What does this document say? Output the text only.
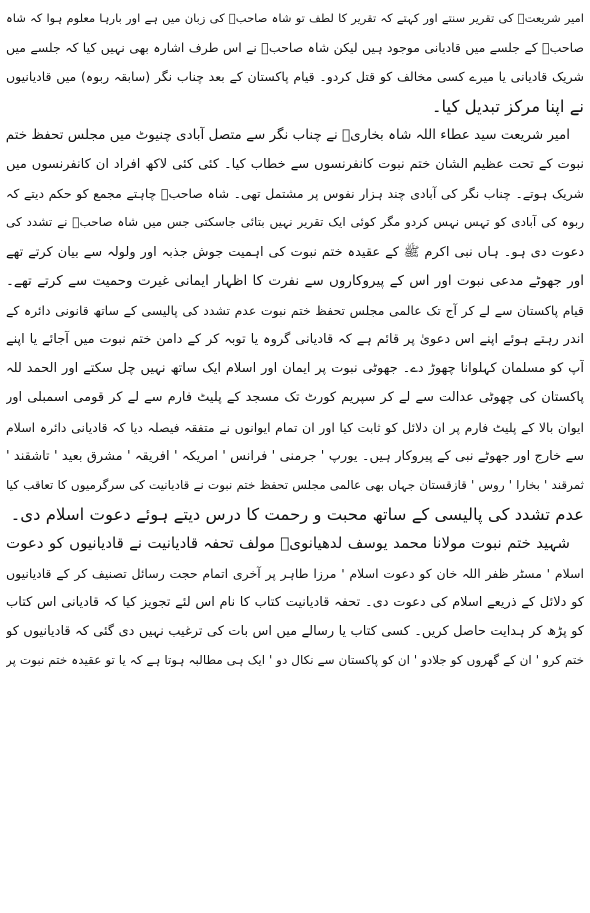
امیر شریعتؒ کی تقریر سنتے اور کہتے کہ تقریر کا لطف تو شاہ صاحبؒ کی زبان میں ہے اور بارہا معلوم ہوا کہ شاہ
صاحبؒ کے جلسے میں قادیانی موجود ہیں لیکن شاہ صاحبؒ نے اس طرف اشارہ بھی نہیں کیا کہ جلسے میں
شریک قادیانی یا میرے کسی مخالف کو قتل کردو۔ قیام پاکستان کے بعد چناب نگر (سابقہ ربوہ) میں قادیانیوں
نے اپنا مرکز تبدیل کیا۔
امیر شریعت سید عطاء اللہ شاہ بخاریؒ نے چناب نگر سے متصل آبادی چنیوٹ میں مجلس تحفظ ختم
نبوت کے تحت عظیم الشان ختم نبوت کانفرنسوں سے خطاب کیا۔ کئی کئی لاکھ افراد ان کانفرنسوں میں
شریک ہوتے۔ چناب نگر کی آبادی چند ہزار نفوس پر مشتمل تھی۔ شاہ صاحبؒ چاہتے مجمع کو حکم دیتے کہ
ربوہ کی آبادی کو تہس نہس کردو مگر کوئی ایک تقریر نہیں بتائی جاسکتی جس میں شاہ صاحبؒ نے تشدد کی
دعوت دی ہو۔ ہاں نبی اکرم ﷺ کے عقیدہ ختم نبوت کی اہمیت جوش جذبہ اور ولولہ سے بیان کرتے تھے
اور جھوٹے مدعی نبوت اور اس کے پیروکاروں سے نفرت کا اظہار ایمانی غیرت وحمیت سے کرتے تھے۔
قیام پاکستان سے لے کر آج تک عالمی مجلس تحفظ ختم نبوت عدم تشدد کی پالیسی کے ساتھ قانونی دائرہ کے
اندر رہتے ہوئے اپنے اس دعویٰ پر قائم ہے کہ قادیانی گروہ یا توبہ کر کے دامن ختم نبوت میں آجائے یا اپنے
آپ کو مسلمان کہلوانا چھوڑ دے۔ جھوٹی نبوت پر ایمان اور اسلام ایک ساتھ نہیں چل سکتے اور الحمد للہ
پاکستان کی چھوٹی عدالت سے لے کر سپریم کورٹ تک مسجد کے پلیٹ فارم سے لے کر قومی اسمبلی اور
ایوان بالا کے پلیٹ فارم پر ان دلائل کو ثابت کیا اور ان تمام ایوانوں نے متفقہ فیصلہ دیا کہ قادیانی دائرہ اسلام
سے خارج اور جھوٹے نبی کے پیروکار ہیں۔ یورپ ' جرمنی ' فرانس ' امریکہ ' افریقہ ' مشرق بعید ' تاشقند '
ثمرقند ' بخارا ' روس ' قازقستان جہاں بھی عالمی مجلس تحفظ ختم نبوت نے قادیانیت کی سرگرمیوں کا تعاقب کیا
عدم تشدد کی پالیسی کے ساتھ محبت و رحمت کا درس دیتے ہوئے دعوت اسلام دی۔
شہید ختم نبوت مولانا محمد یوسف لدھیانویؒ مولف تحفہ قادیانیت نے قادیانیوں کو دعوت
اسلام ' مسٹر ظفر اللہ خان کو دعوت اسلام ' مرزا طاہر پر آخری اتمام حجت رسائل تصنیف کر کے قادیانیوں
کو دلائل کے ذریعے اسلام کی دعوت دی۔ تحفہ قادیانیت کتاب کا نام اس لئے تجویز کیا کہ قادیانی اس کتاب
کو پڑھ کر ہدایت حاصل کریں۔ کسی کتاب یا رسالے میں اس بات کی ترغیب نہیں دی گئی کہ قادیانیوں کو
ختم کرو ' ان کے گھروں کو جلادو ' ان کو پاکستان سے نکال دو ' ایک ہی مطالبہ ہوتا ہے کہ یا تو عقیدہ ختم نبوت پر
